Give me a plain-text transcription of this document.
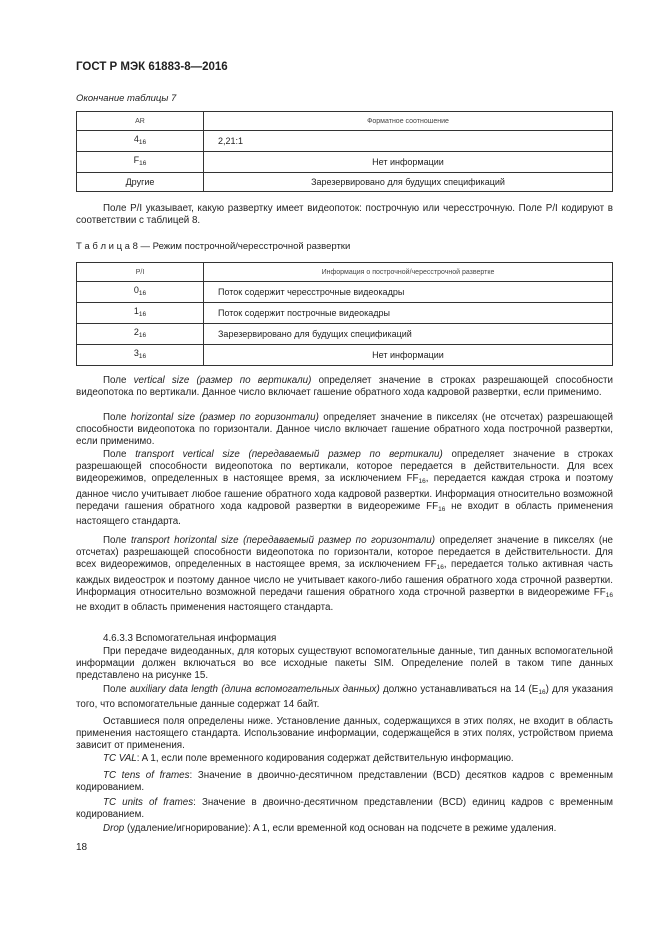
ГОСТ Р МЭК 61883-8—2016
Окончание таблицы 7
AR	Форматное соотношение
$4_{16}$	2,21:1
$F_{16}$	Нет информации
Другие	Зарезервировано для будущих спецификаций
Поле P/I указывает, какую развертку имеет видеопоток: построчную или чересстрочную. Поле P/I кодируют в соответствии с таблицей 8.
Т а б л и ц а 8 — Режим построчной/чересстрочной развертки
P/I	Информация о построчной/чересстрочной развертке
$0_{16}$	Поток содержит чересстрочные видеокадры
$1_{16}$	Поток содержит построчные видеокадры
$2_{16}$	Зарезервировано для будущих спецификаций
$3_{16}$	Нет информации
Поле vertical size (размер по вертикали) определяет значение в строках разрешающей способности видеопотока по вертикали. Данное число включает гашение обратного хода кадровой развертки, если применимо.
Поле horizontal size (размер по горизонтали) определяет значение в пикселях (не отсчетах) разрешающей способности видеопотока по горизонтали. Данное число включает гашение обратного хода построчной развертки, если применимо.
Поле transport vertical size (передаваемый размер по вертикали) определяет значение в строках разрешающей способности видеопотока по вертикали, которое передается в действительности. Для всех видеорежимов, определенных в настоящее время, за исключением $FF_{16}$, передается каждая строка и поэтому данное число учитывает любое гашение обратного хода кадровой развертки. Информация относительно возможной передачи гашения обратного хода кадровой развертки в видеорежиме $FF_{16}$ не входит в область применения настоящего стандарта.
Поле transport horizontal size (передаваемый размер по горизонтали) определяет значение в пикселях (не отсчетах) разрешающей способности видеопотока по горизонтали, которое передается в действительности. Для всех видеорежимов, определенных в настоящее время, за исключением $FF_{16}$, передается только активная часть каждых видеострок и поэтому данное число не учитывает какого-либо гашения обратного хода строчной развертки. Информация относительно возможной передачи гашения обратного хода строчной развертки в видеорежиме $FF_{16}$ не входит в область применения настоящего стандарта.
4.6.3.3 Вспомогательная информация
При передаче видеоданных, для которых существуют вспомогательные данные, тип данных вспомогательной информации должен включаться во все исходные пакеты SIM. Определение полей в таком типе данных представлено на рисунке 15.
Поле auxiliary data length (длина вспомогательных данных) должно устанавливаться на 14 $(E_{16})$ для указания того, что вспомогательные данные содержат 14 байт.
Оставшиеся поля определены ниже. Установление данных, содержащихся в этих полях, не входит в область применения настоящего стандарта. Использование информации, содержащейся в этих полях, устройством приема зависит от применения.
TC VAL: A 1, если поле временного кодирования содержат действительную информацию.
TC tens of frames: Значение в двоично-десятичном представлении (BCD) десятков кадров с временным кодированием.
TC units of frames: Значение в двоично-десятичном представлении (BCD) единиц кадров с временным кодированием.
Drop (удаление/игнорирование): A 1, если временной код основан на подсчете в режиме удаления.
18
